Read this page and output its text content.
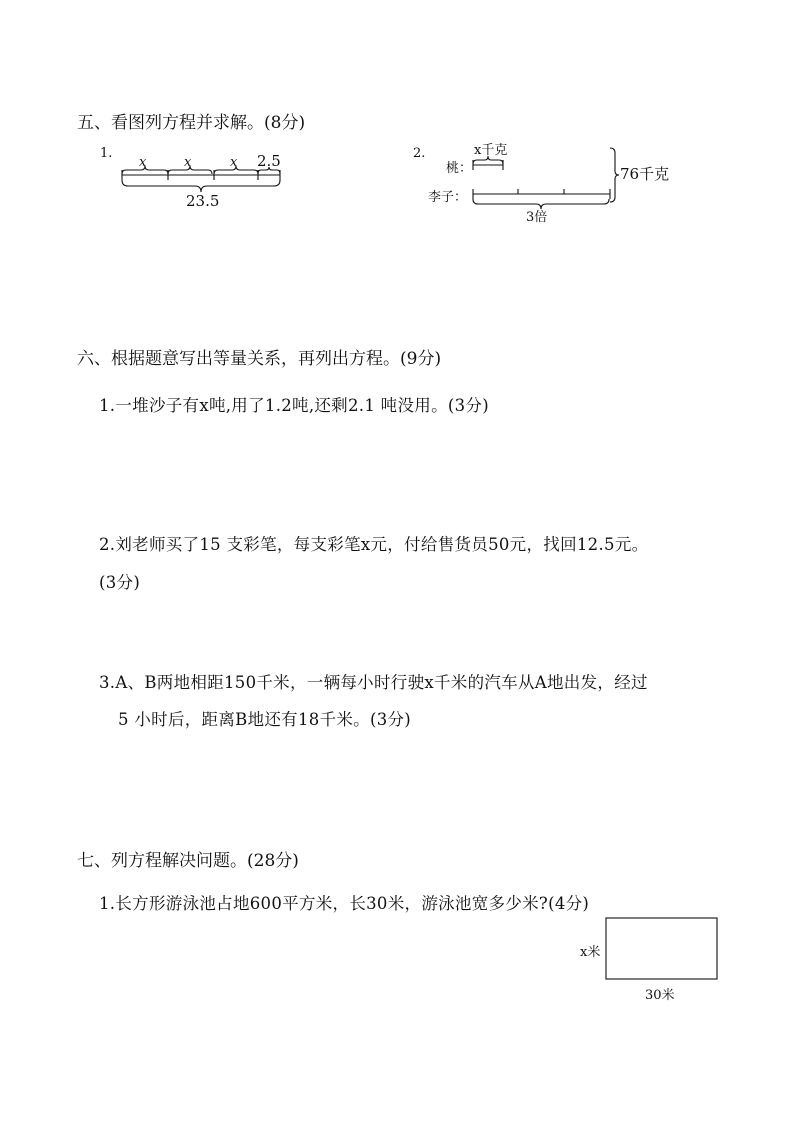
五、看图列方程并求解。(8分)
1.
x	x	x 2.5
23.5
2.	x千克
桃：
李子：
3倍
76千克
六、根据题意写出等量关系，再列出方程。(9分)
1.一堆沙子有x吨,用了1.2吨,还剩2.1 吨没用。(3分)
2.刘老师买了15 支彩笔，每支彩笔x元，付给售货员50元，找回12.5元。
(3分)
3.A、B两地相距150千米，一辆每小时行驶x千米的汽车从A地出发，经过
5 小时后，距离B地还有18千米。(3分)
七、列方程解决问题。(28分)
1.长方形游泳池占地600平方米，长30米，游泳池宽多少米?(4分)
x米
30米
